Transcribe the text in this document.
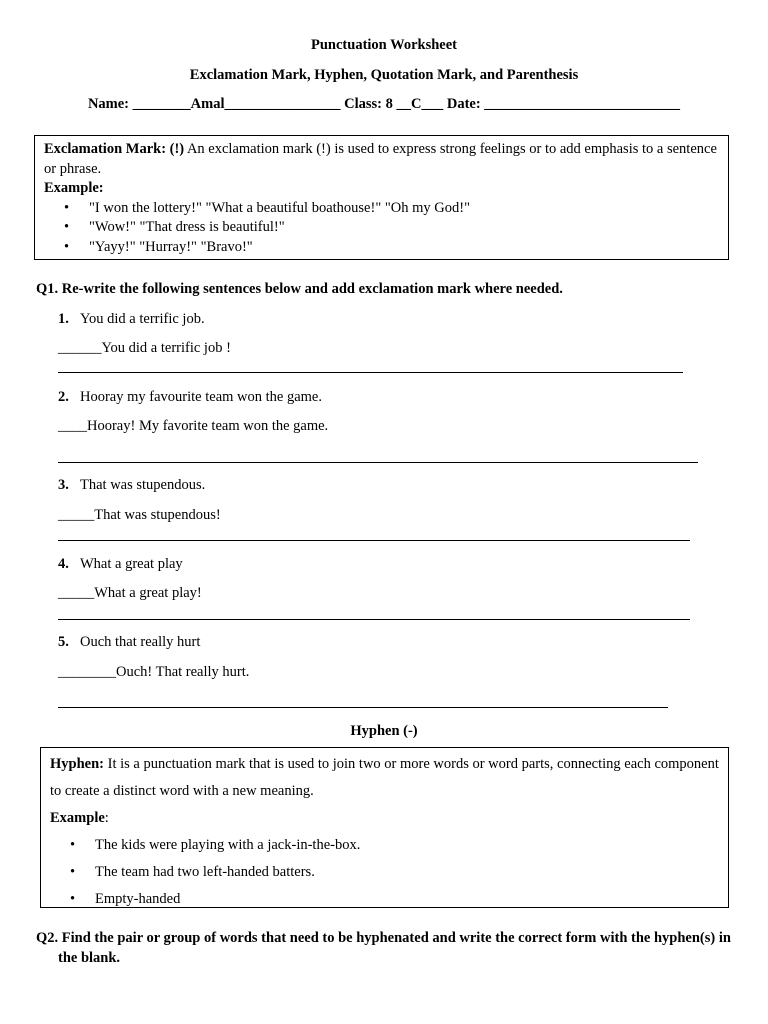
Punctuation Worksheet
Exclamation Mark, Hyphen, Quotation Mark, and Parenthesis
Name: ________Amal________________ Class: 8 __C___ Date: ___________________________
Exclamation Mark: (!) An exclamation mark (!) is used to express strong feelings or to add emphasis to a sentence or phrase.
Example:
• "I won the lottery!" "What a beautiful boathouse!" "Oh my God!"
• "Wow!" "That dress is beautiful!"
• "Yayy!" "Hurray!" "Bravo!"
Q1. Re-write the following sentences below and add exclamation mark where needed.
1. You did a terrific job.
______You did a terrific job !
2. Hooray my favourite team won the game.
____Hooray! My favorite team won the game.
3. That was stupendous.
_____That was stupendous!
4. What a great play
_____What a great play!
5. Ouch that really hurt
________Ouch! That really hurt.
Hyphen (-)
Hyphen: It is a punctuation mark that is used to join two or more words or word parts, connecting each component to create a distinct word with a new meaning.
Example:
• The kids were playing with a jack-in-the-box.
• The team had two left-handed batters.
• Empty-handed
Q2. Find the pair or group of words that need to be hyphenated and write the correct form with the hyphen(s) in the blank.
